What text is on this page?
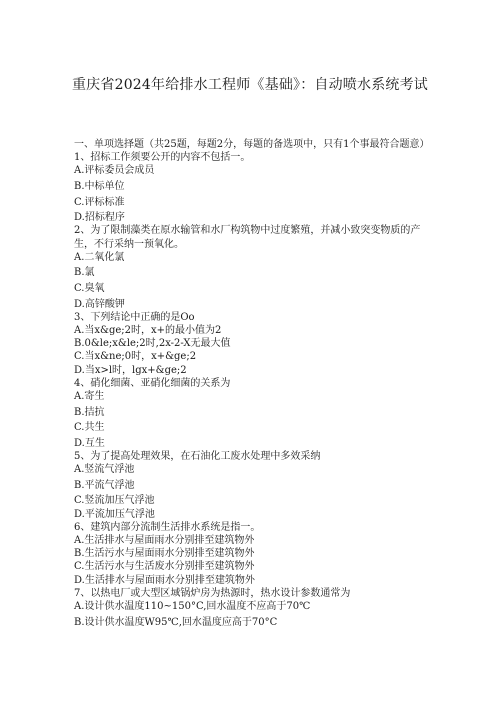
重庆省2024年给排水工程师《基础》：自动喷水系统考试
一、单项选择题（共25题，每题2分，每题的备选项中，只有1个事最符合题意）
1、招标工作须要公开的内容不包括一。
A.评标委员会成员
B.中标单位
C.评标标准
D.招标程序
2、为了限制藻类在原水输管和水厂构筑物中过度繁殖，并减小致突变物质的产生，不行采纳一预氧化。
A.二氧化氯
B.氯
C.臭氧
D.高锌酸钾
3、下列结论中正确的是Oo
A.当x&ge;2时，x+的最小值为2
B.0&le;x&le;2时,2x-2-X无最大值
C.当x&ne;0时，x+&ge;2
D.当x>l时，lgx+&ge;2
4、硝化细菌、亚硝化细菌的关系为
A.寄生
B.拮抗
C.共生
D.互生
5、为了提高处理效果，在石油化工废水处理中多效采纳
A.竖流气浮池
B.平流气浮池
C.竖流加压气浮池
D.平流加压气浮池
6、建筑内部分流制生活排水系统是指一。
A.生活排水与屋面雨水分别排至建筑物外
B.生活污水与屋面雨水分别排至建筑物外
C.生活污水与生活废水分别排至建筑物外
D.生活排水与屋面雨水分别排至建筑物外
7、以热电厂或大型区域锅炉房为热源时，热水设计参数通常为
A.设计供水温度110~150°C,回水温度不应高于70℃
B.设计供水温度W95℃,回水温度应高于70°C
